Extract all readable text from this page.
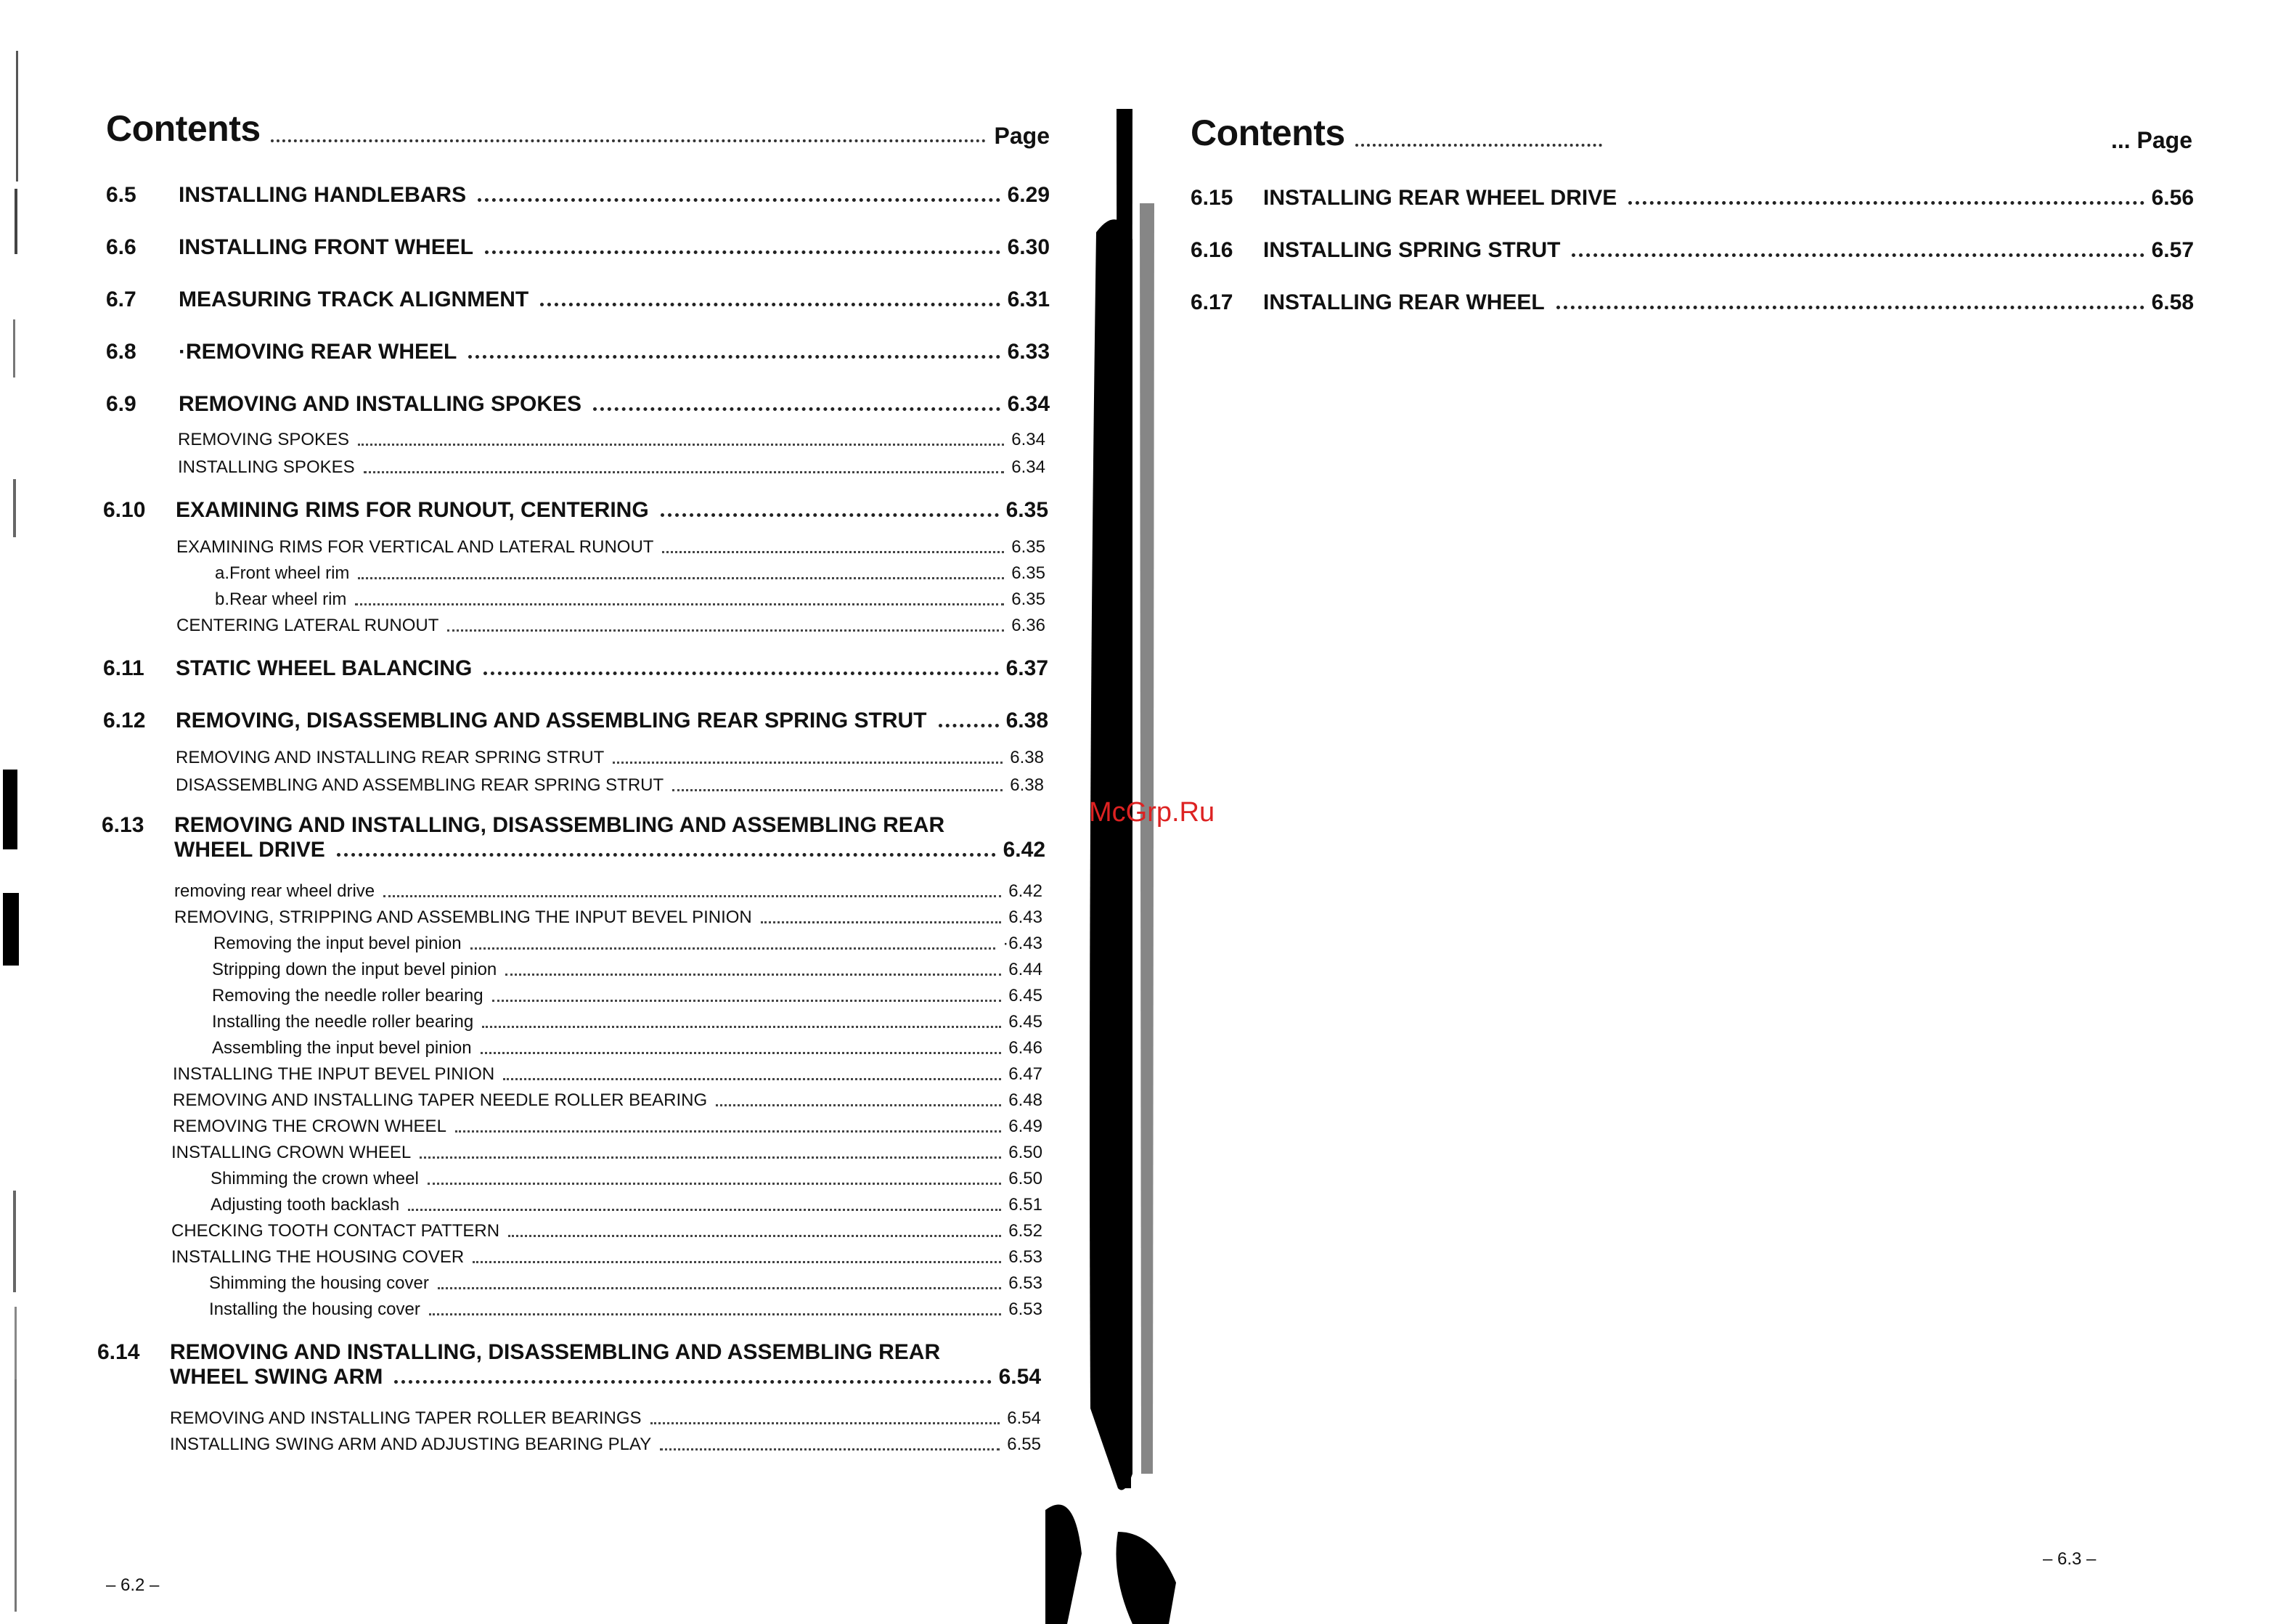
Contents	Page
6.5	INSTALLING HANDLEBARS	6.29
6.6	INSTALLING FRONT WHEEL	6.30
6.7	MEASURING TRACK ALIGNMENT	6.31
6.8	·REMOVING REAR WHEEL	6.33
6.9	REMOVING AND INSTALLING SPOKES	6.34
REMOVING SPOKES	6.34
INSTALLING SPOKES	6.34
6.10	EXAMINING RIMS FOR RUNOUT, CENTERING	6.35
EXAMINING RIMS FOR VERTICAL AND LATERAL RUNOUT	6.35
a.Front wheel rim	6.35
b.Rear wheel rim	6.35
CENTERING LATERAL RUNOUT	6.36
6.11	STATIC WHEEL BALANCING	6.37
6.12	REMOVING, DISASSEMBLING AND ASSEMBLING REAR SPRING STRUT	6.38
REMOVING AND INSTALLING REAR SPRING STRUT	6.38
DISASSEMBLING AND ASSEMBLING REAR SPRING STRUT	6.38
6.13 REMOVING AND INSTALLING, DISASSEMBLING AND ASSEMBLING REAR
WHEEL DRIVE	6.42
removing rear wheel drive	6.42
REMOVING, STRIPPING AND ASSEMBLING THE INPUT BEVEL PINION	6.43
Removing the input bevel pinion	·6.43
Stripping down the input bevel pinion	6.44
Removing the needle roller bearing	6.45
Installing the needle roller bearing	6.45
Assembling the input bevel pinion	6.46
INSTALLING THE INPUT BEVEL PINION	6.47
REMOVING AND INSTALLING TAPER NEEDLE ROLLER BEARING	6.48
REMOVING THE CROWN WHEEL	6.49
INSTALLING CROWN WHEEL	6.50
Shimming the crown wheel	6.50
Adjusting tooth backlash	6.51
CHECKING TOOTH CONTACT PATTERN	6.52
INSTALLING THE HOUSING COVER	6.53
Shimming the housing cover	6.53
Installing the housing cover	6.53
6.14 REMOVING AND INSTALLING, DISASSEMBLING AND ASSEMBLING REAR
WHEEL SWING ARM	6.54
REMOVING AND INSTALLING TAPER ROLLER BEARINGS	6.54
INSTALLING SWING ARM AND ADJUSTING BEARING PLAY	6.55
– 6.2 –
McGrp.Ru
Contents	... Page
6.15	INSTALLING REAR WHEEL DRIVE	6.56
6.16	INSTALLING SPRING STRUT	6.57
6.17	INSTALLING REAR WHEEL	6.58
– 6.3 –
